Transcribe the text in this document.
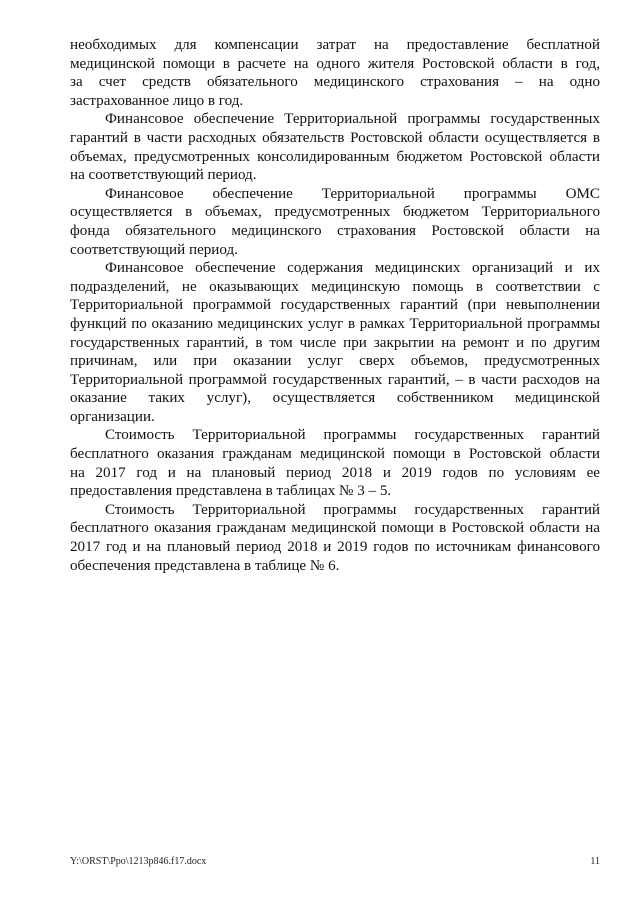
необходимых для компенсации затрат на предоставление бесплатной
медицинской помощи в расчете на одного жителя Ростовской области в год,
за счет средств обязательного медицинского страхования – на одно
застрахованное лицо в год.
Финансовое обеспечение Территориальной программы государственных
гарантий в части расходных обязательств Ростовской области осуществляется в
объемах, предусмотренных консолидированным бюджетом Ростовской области
на соответствующий период.
Финансовое обеспечение Территориальной программы ОМС
осуществляется в объемах, предусмотренных бюджетом Территориального
фонда обязательного медицинского страхования Ростовской области на
соответствующий период.
Финансовое обеспечение содержания медицинских организаций и их
подразделений, не оказывающих медицинскую помощь в соответствии с
Территориальной программой государственных гарантий (при невыполнении
функций по оказанию медицинских услуг в рамках Территориальной программы
государственных гарантий, в том числе при закрытии на ремонт и по другим
причинам, или при оказании услуг сверх объемов, предусмотренных
Территориальной программой государственных гарантий, – в части расходов на
оказание таких услуг), осуществляется собственником медицинской
организации.
Стоимость Территориальной программы государственных гарантий
бесплатного оказания гражданам медицинской помощи в Ростовской области
на 2017 год и на плановый период 2018 и 2019 годов по условиям ее
предоставления представлена в таблицах № 3 – 5.
Стоимость Территориальной программы государственных гарантий
бесплатного оказания гражданам медицинской помощи в Ростовской области на
2017 год и на плановый период 2018 и 2019 годов по источникам финансового
обеспечения представлена в таблице № 6.
Y:\ORST\Ppo\1213p846.f17.docx	11
